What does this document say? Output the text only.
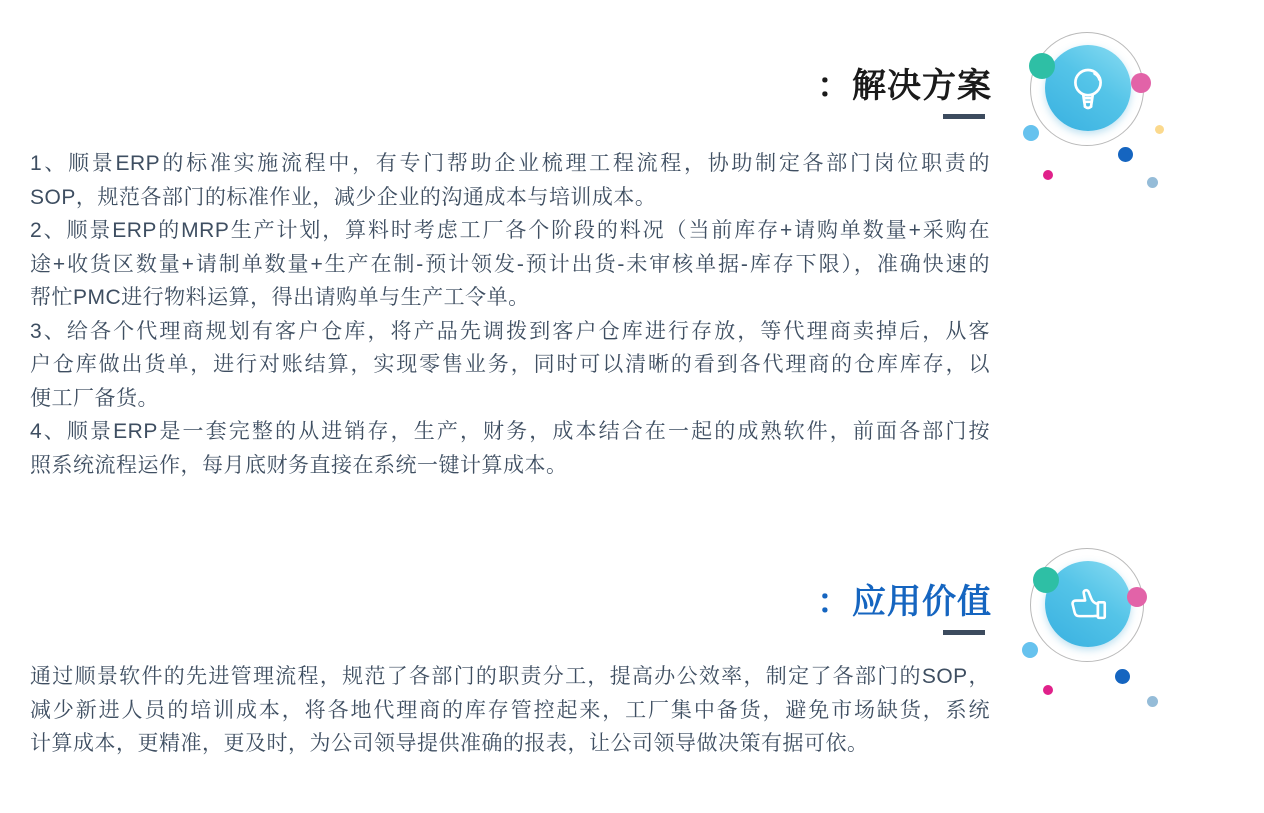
解决方案：
1、顺景ERP的标准实施流程中，有专门帮助企业梳理工程流程，协助制定各部门岗位职责的
SOP，规范各部门的标准作业，减少企业的沟通成本与培训成本。
2、顺景ERP的MRP生产计划，算料时考虑工厂各个阶段的料况（当前库存+请购单数量+采购在
途+收货区数量+请制单数量+生产在制-预计领发-预计出货-未审核单据-库存下限），准确快速的
帮忙PMC进行物料运算，得出请购单与生产工令单。
3、给各个代理商规划有客户仓库，将产品先调拨到客户仓库进行存放，等代理商卖掉后，从客
户仓库做出货单，进行对账结算，实现零售业务，同时可以清晰的看到各代理商的仓库库存，以
便工厂备货。
4、顺景ERP是一套完整的从进销存，生产，财务，成本结合在一起的成熟软件，前面各部门按
照系统流程运作，每月底财务直接在系统一键计算成本。
应用价值：
通过顺景软件的先进管理流程，规范了各部门的职责分工，提高办公效率，制定了各部门的SOP，
减少新进人员的培训成本，将各地代理商的库存管控起来，工厂集中备货，避免市场缺货，系统
计算成本，更精准，更及时，为公司领导提供准确的报表，让公司领导做决策有据可依。
